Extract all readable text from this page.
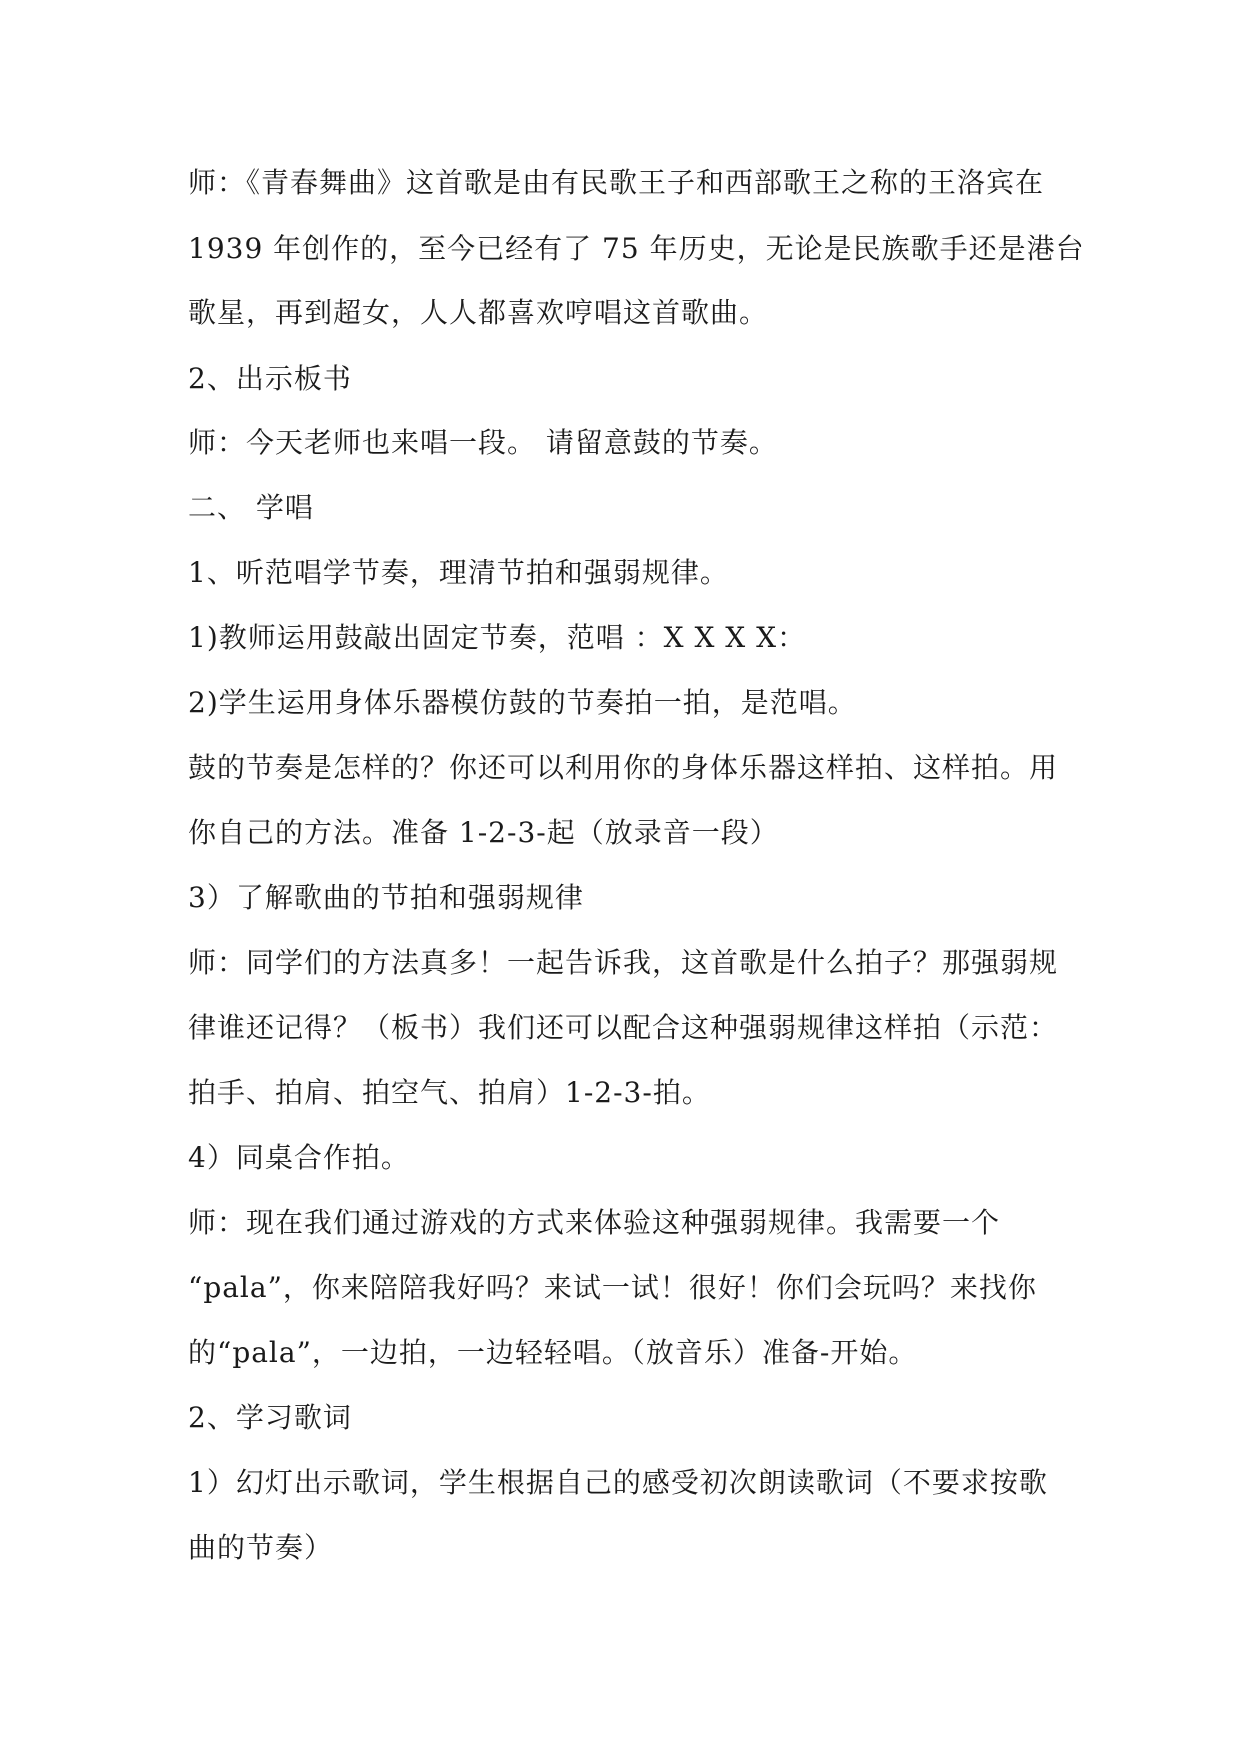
师：《青春舞曲》这首歌是由有民歌王子和西部歌王之称的王洛宾在
1939 年创作的，至今已经有了 75 年历史，无论是民族歌手还是港台
歌星，再到超女，人人都喜欢哼唱这首歌曲。
2、出示板书
师：今天老师也来唱一段。 请留意鼓的节奏。
二、 学唱
1、听范唱学节奏，理清节拍和强弱规律。
1)教师运用鼓敲出固定节奏，范唱 ：X X X X：
2)学生运用身体乐器模仿鼓的节奏拍一拍，是范唱。
鼓的节奏是怎样的？你还可以利用你的身体乐器这样拍、这样拍。用
你自己的方法。准备 1-2-3-起（放录音一段）
3）了解歌曲的节拍和强弱规律
师：同学们的方法真多！一起告诉我，这首歌是什么拍子？那强弱规
律谁还记得？（板书）我们还可以配合这种强弱规律这样拍（示范：
拍手、拍肩、拍空气、拍肩）1-2-3-拍。
4）同桌合作拍。
师：现在我们通过游戏的方式来体验这种强弱规律。我需要一个
“pala”，你来陪陪我好吗？来试一试！很好！你们会玩吗？来找你
的“pala”，一边拍，一边轻轻唱。（放音乐）准备-开始。
2、学习歌词
1）幻灯出示歌词，学生根据自己的感受初次朗读歌词（不要求按歌
曲的节奏）
